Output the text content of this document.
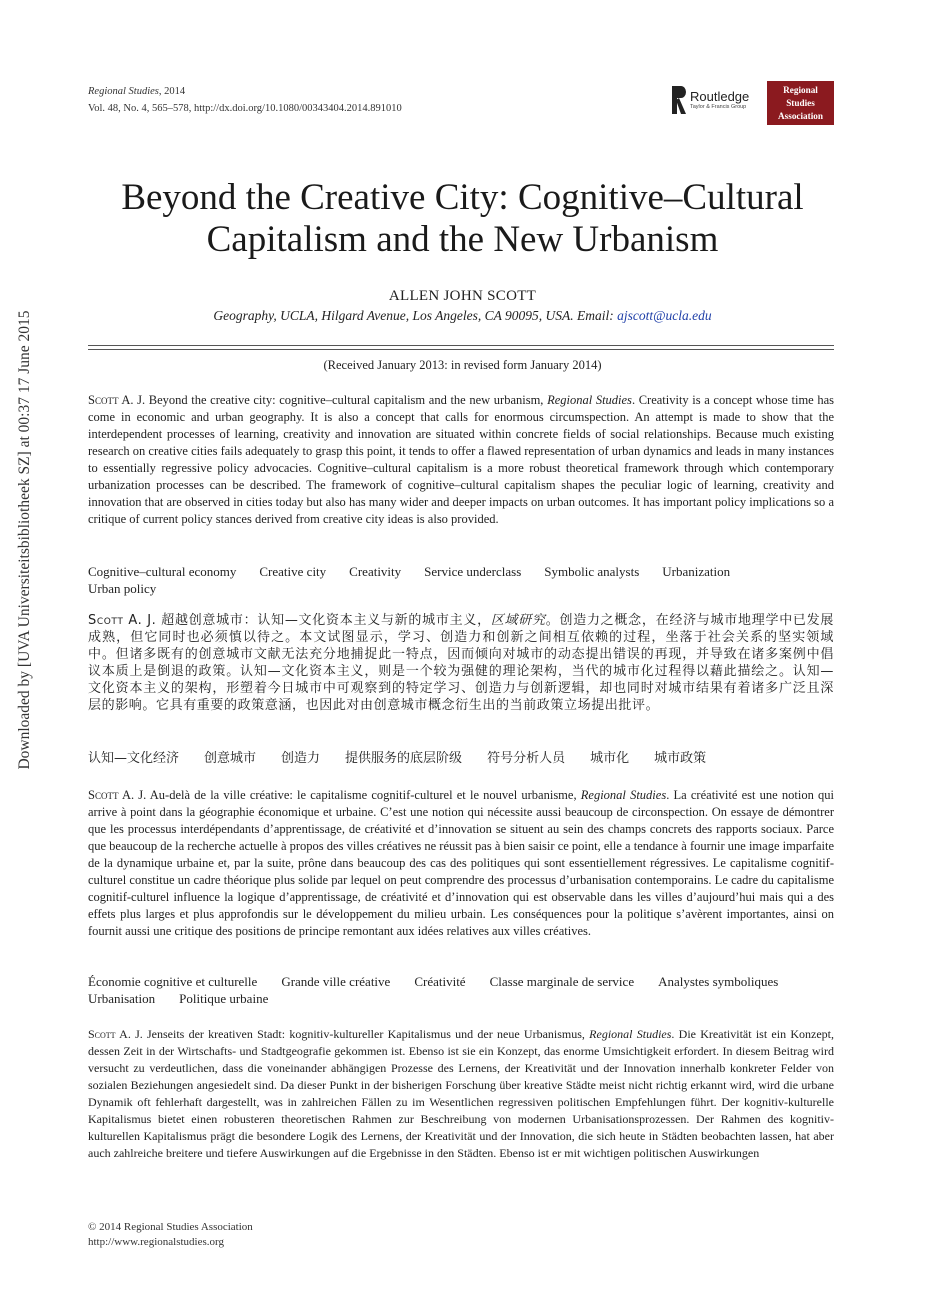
Downloaded by [UVA Universiteitsbibliotheek SZ] at 00:37 17 June 2015
Regional Studies, 2014
Vol. 48, No. 4, 565–578, http://dx.doi.org/10.1080/00343404.2014.891010
Routledge
Taylor & Francis Group
Regional
Studies
Association
Beyond the Creative City: Cognitive–Cultural Capitalism and the New Urbanism
ALLEN JOHN SCOTT
Geography, UCLA, Hilgard Avenue, Los Angeles, CA 90095, USA. Email: ajscott@ucla.edu
(Received January 2013: in revised form January 2014)

Scott A. J. Beyond the creative city: cognitive–cultural capitalism and the new urbanism, Regional Studies. Creativity is a concept whose time has come in economic and urban geography. It is also a concept that calls for enormous circumspection. An attempt is made to show that the interdependent processes of learning, creativity and innovation are situated within concrete fields of social relationships. Because much existing research on creative cities fails adequately to grasp this point, it tends to offer a flawed representation of urban dynamics and leads in many instances to essentially regressive policy advocacies. Cognitive–cultural capitalism is a more robust theoretical framework through which contemporary urbanization processes can be described. The framework of cognitive–cultural capitalism shapes the peculiar logic of learning, creativity and innovation that are observed in cities today but also has many wider and deeper impacts on urban outcomes. It has important policy implications so a critique of current policy stances derived from creative city ideas is also provided.

Cognitive–cultural economy Creative city Creativity Service underclass Symbolic analysts Urbanization
Urban policy

Scott A. J. 超越创意城市：认知—文化资本主义与新的城市主义，区域研究。创造力之概念，在经济与城市地理学中已发展成熟，但它同时也必须慎以待之。本文试图显示，学习、创造力和创新之间相互依赖的过程，坐落于社会关系的坚实领域中。但诸多既有的创意城市文献无法充分地捕捉此一特点，因而倾向对城市的动态提出错误的再现，并导致在诸多案例中倡议本质上是倒退的政策。认知—文化资本主义，则是一个较为强健的理论架构，当代的城市化过程得以藉此描绘之。认知—文化资本主义的架构，形塑着今日城市中可观察到的特定学习、创造力与创新逻辑，却也同时对城市结果有着诸多广泛且深层的影响。它具有重要的政策意涵，也因此对由创意城市概念衍生出的当前政策立场提出批评。

认知—文化经济 创意城市 创造力 提供服务的底层阶级 符号分析人员 城市化 城市政策

Scott A. J. Au-delà de la ville créative: le capitalisme cognitif-culturel et le nouvel urbanisme, Regional Studies. La créativité est une notion qui arrive à point dans la géographie économique et urbaine. C’est une notion qui nécessite aussi beaucoup de circonspection. On essaye de démontrer que les processus interdépendants d’apprentissage, de créativité et d’innovation se situent au sein des champs concrets des rapports sociaux. Parce que beaucoup de la recherche actuelle à propos des villes créatives ne réussit pas à bien saisir ce point, elle a tendance à fournir une image imparfaite de la dynamique urbaine et, par la suite, prône dans beaucoup des cas des politiques qui sont essentiellement régressives. Le capitalisme cognitif-culturel constitue un cadre théorique plus solide par lequel on peut comprendre des processus d’urbanisation contemporains. Le cadre du capitalisme cognitif-culturel influence la logique d’apprentissage, de créativité et d’innovation qui est observable dans les villes d’aujourd’hui mais qui a des effets plus larges et plus approfondis sur le développement du milieu urbain. Les conséquences pour la politique s’avèrent importantes, ainsi on fournit aussi une critique des positions de principe remontant aux idées relatives aux villes créatives.

Économie cognitive et culturelle Grande ville créative Créativité Classe marginale de service Analystes symboliques
Urbanisation Politique urbaine

Scott A. J. Jenseits der kreativen Stadt: kognitiv-kultureller Kapitalismus und der neue Urbanismus, Regional Studies. Die Kreativität ist ein Konzept, dessen Zeit in der Wirtschafts- und Stadtgeografie gekommen ist. Ebenso ist sie ein Konzept, das enorme Umsichtigkeit erfordert. In diesem Beitrag wird versucht zu verdeutlichen, dass die voneinander abhängigen Prozesse des Lernens, der Kreativität und der Innovation innerhalb konkreter Felder von sozialen Beziehungen angesiedelt sind. Da dieser Punkt in der bisherigen Forschung über kreative Städte meist nicht richtig erkannt wird, wird die urbane Dynamik oft fehlerhaft dargestellt, was in zahlreichen Fällen zu im Wesentlichen regressiven politischen Empfehlungen führt. Der kognitiv-kulturelle Kapitalismus bietet einen robusteren theoretischen Rahmen zur Beschreibung von modernen Urbanisationsprozessen. Der Rahmen des kognitiv-kulturellen Kapitalismus prägt die besondere Logik des Lernens, der Kreativität und der Innovation, die sich heute in Städten beobachten lassen, hat aber auch zahlreiche breitere und tiefere Auswirkungen auf die Ergebnisse in den Städten. Ebenso ist er mit wichtigen politischen Auswirkungen

© 2014 Regional Studies Association
http://www.regionalstudies.org
